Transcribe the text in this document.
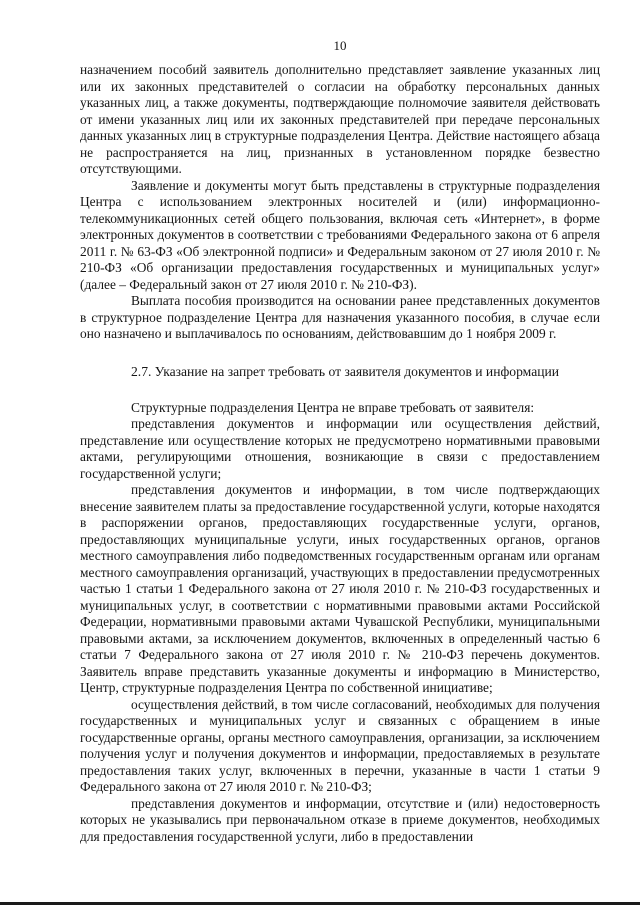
10

назначением пособий заявитель дополнительно представляет заявление указанных лиц или их законных представителей о согласии на обработку персональных данных указанных лиц, а также документы, подтверждающие полномочие заявителя действовать от имени указанных лиц или их законных представителей при передаче персональных данных указанных лиц в структурные подразделения Центра. Действие настоящего абзаца не распространяется на лиц, признанных в установленном порядке безвестно отсутствующими.

Заявление и документы могут быть представлены в структурные подразделения Центра с использованием электронных носителей и (или) информационно-телекоммуникационных сетей общего пользования, включая сеть «Интернет», в форме электронных документов в соответствии с требованиями Федерального закона от 6 апреля 2011 г. № 63-ФЗ «Об электронной подписи» и Федеральным законом от 27 июля 2010 г. № 210-ФЗ «Об организации предоставления государственных и муниципальных услуг» (далее – Федеральный закон от 27 июля 2010 г. № 210-ФЗ).

Выплата пособия производится на основании ранее представленных документов в структурное подразделение Центра для назначения указанного пособия, в случае если оно назначено и выплачивалось по основаниям, действовавшим до 1 ноября 2009 г.

2.7. Указание на запрет требовать от заявителя документов и информации

Структурные подразделения Центра не вправе требовать от заявителя:

представления документов и информации или осуществления действий, представление или осуществление которых не предусмотрено нормативными правовыми актами, регулирующими отношения, возникающие в связи с предоставлением государственной услуги;

представления документов и информации, в том числе подтверждающих внесение заявителем платы за предоставление государственной услуги, которые находятся в распоряжении органов, предоставляющих государственные услуги, органов, предоставляющих муниципальные услуги, иных государственных органов, органов местного самоуправления либо подведомственных государственным органам или органам местного самоуправления организаций, участвующих в предоставлении предусмотренных частью 1 статьи 1 Федерального закона от 27 июля 2010 г. № 210-ФЗ государственных и муниципальных услуг, в соответствии с нормативными правовыми актами Российской Федерации, нормативными правовыми актами Чувашской Республики, муниципальными правовыми актами, за исключением документов, включенных в определенный частью 6 статьи 7 Федерального закона от 27 июля 2010 г. № 210-ФЗ перечень документов. Заявитель вправе представить указанные документы и информацию в Министерство, Центр, структурные подразделения Центра по собственной инициативе;

осуществления действий, в том числе согласований, необходимых для получения государственных и муниципальных услуг и связанных с обращением в иные государственные органы, органы местного самоуправления, организации, за исключением получения услуг и получения документов и информации, предоставляемых в результате предоставления таких услуг, включенных в перечни, указанные в части 1 статьи 9 Федерального закона от 27 июля 2010 г. № 210-ФЗ;

представления документов и информации, отсутствие и (или) недостоверность которых не указывались при первоначальном отказе в приеме документов, необходимых для предоставления государственной услуги, либо в предоставлении
